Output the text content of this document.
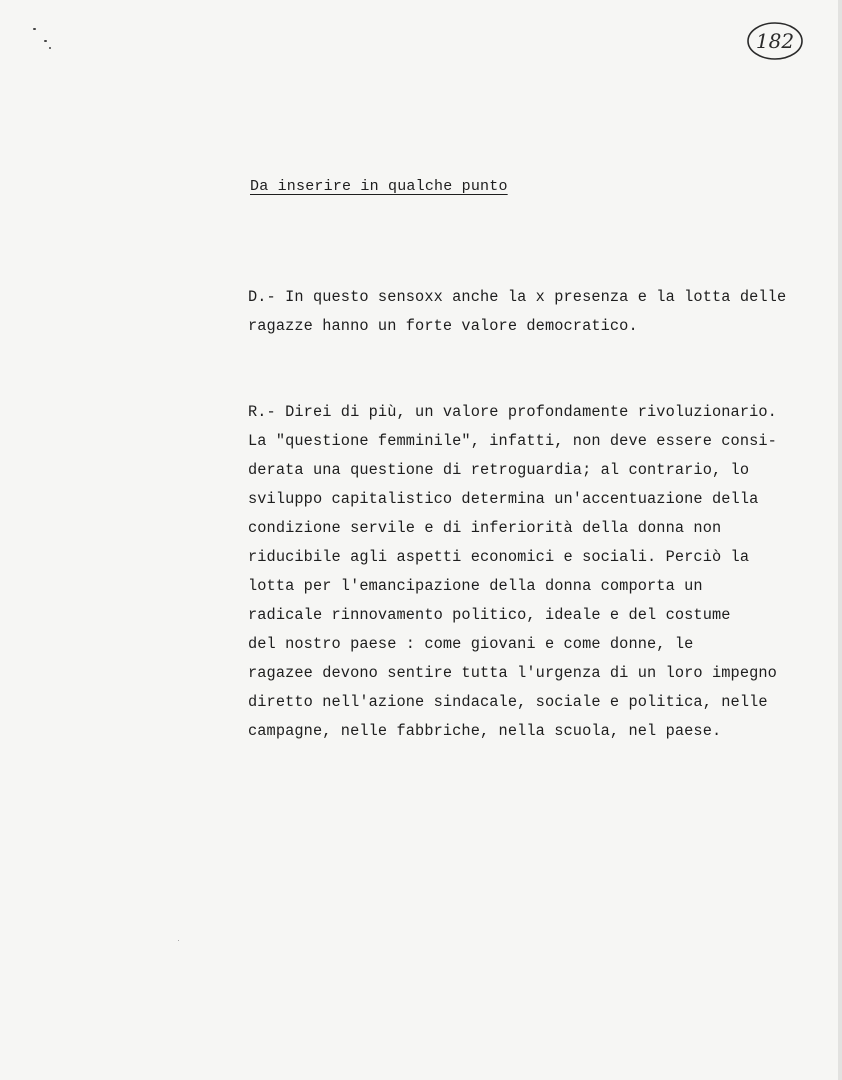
182
Da inserire in qualche punto
D.- In questo sensoxx anche la x presenza e la lotta delle
ragazze hanno un forte valore democratico.
R.- Direi di più, un valore profondamente rivoluzionario.
La "questione femminile", infatti, non deve essere consi-
derata una questione di retroguardia; al contrario, lo
sviluppo capitalistico determina un'accentuazione della
condizione servile e di inferiorità della donna non
riducibile agli aspetti economici e sociali. Perciò la
lotta per l'emancipazione della donna comporta un
radicale rinnovamento politico, ideale e del costume
del nostro paese : come giovani e come donne, le
ragazee devono sentire tutta l'urgenza di un loro impegno
diretto nell'azione sindacale, sociale e politica, nelle
campagne, nelle fabbriche, nella scuola, nel paese.
